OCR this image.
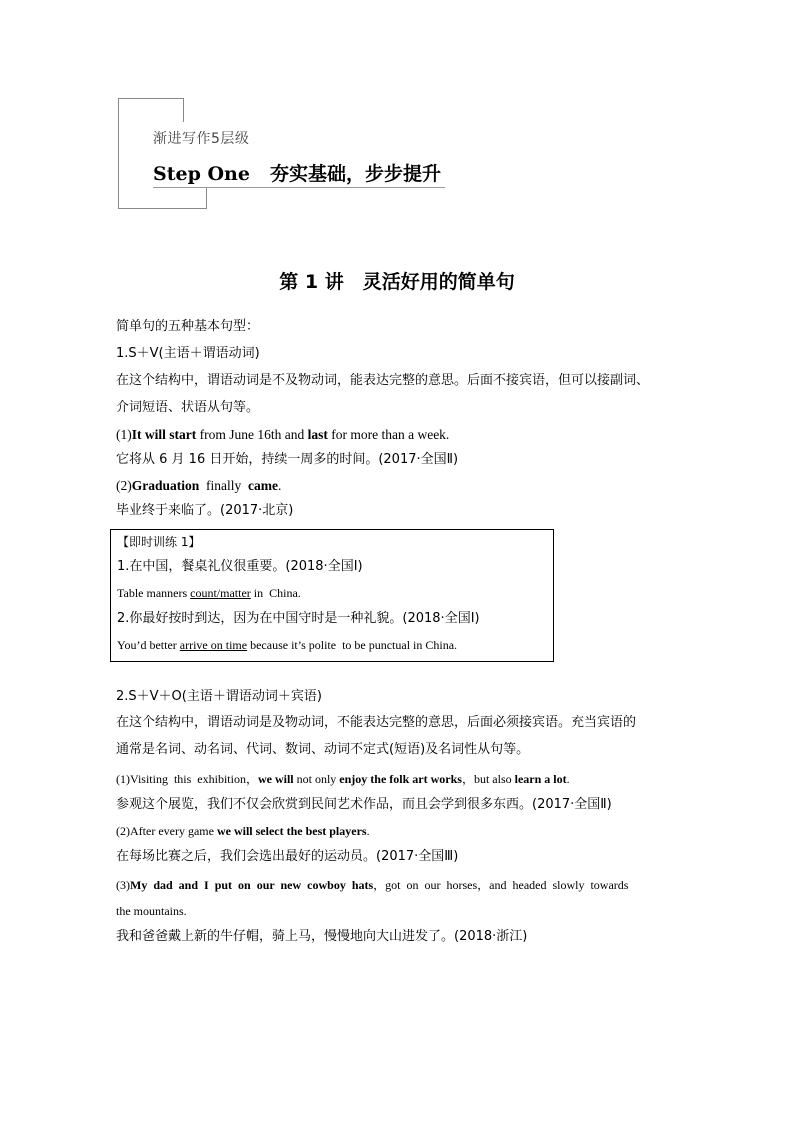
渐进写作5层级
Step One 夯实基础，步步提升
第 1 讲　灵活好用的简单句
简单句的五种基本句型：
1.S＋V(主语＋谓语动词)
在这个结构中，谓语动词是不及物动词，能表达完整的意思。后面不接宾语，但可以接副词、
介词短语、状语从句等。
(1)It will start from June 16th and last for more than a week.
它将从 6 月 16 日开始，持续一周多的时间。(2017·全国Ⅱ)
(2)Graduation  finally  came.
毕业终于来临了。(2017·北京)
【即时训练 1】
1.在中国，餐桌礼仪很重要。(2018·全国Ⅰ)
Table manners count/matter in  China.
2.你最好按时到达，因为在中国守时是一种礼貌。(2018·全国Ⅰ)
You’d better arrive on time because it’s polite  to be punctual in China.
2.S＋V＋O(主语＋谓语动词＋宾语)
在这个结构中，谓语动词是及物动词，不能表达完整的意思，后面必须接宾语。充当宾语的
通常是名词、动名词、代词、数词、动词不定式(短语)及名词性从句等。
(1)Visiting  this  exhibition，we will not only enjoy the folk art works，but also learn a lot.
参观这个展览，我们不仅会欣赏到民间艺术作品，而且会学到很多东西。(2017·全国Ⅱ)
(2)After every game we will select the best players.
在每场比赛之后，我们会选出最好的运动员。(2017·全国Ⅲ)
(3)My  dad  and  I  put  on  our  new  cowboy  hats，got  on  our  horses，and  headed  slowly  towards
the mountains.
我和爸爸戴上新的牛仔帽，骑上马，慢慢地向大山进发了。(2018·浙江)
